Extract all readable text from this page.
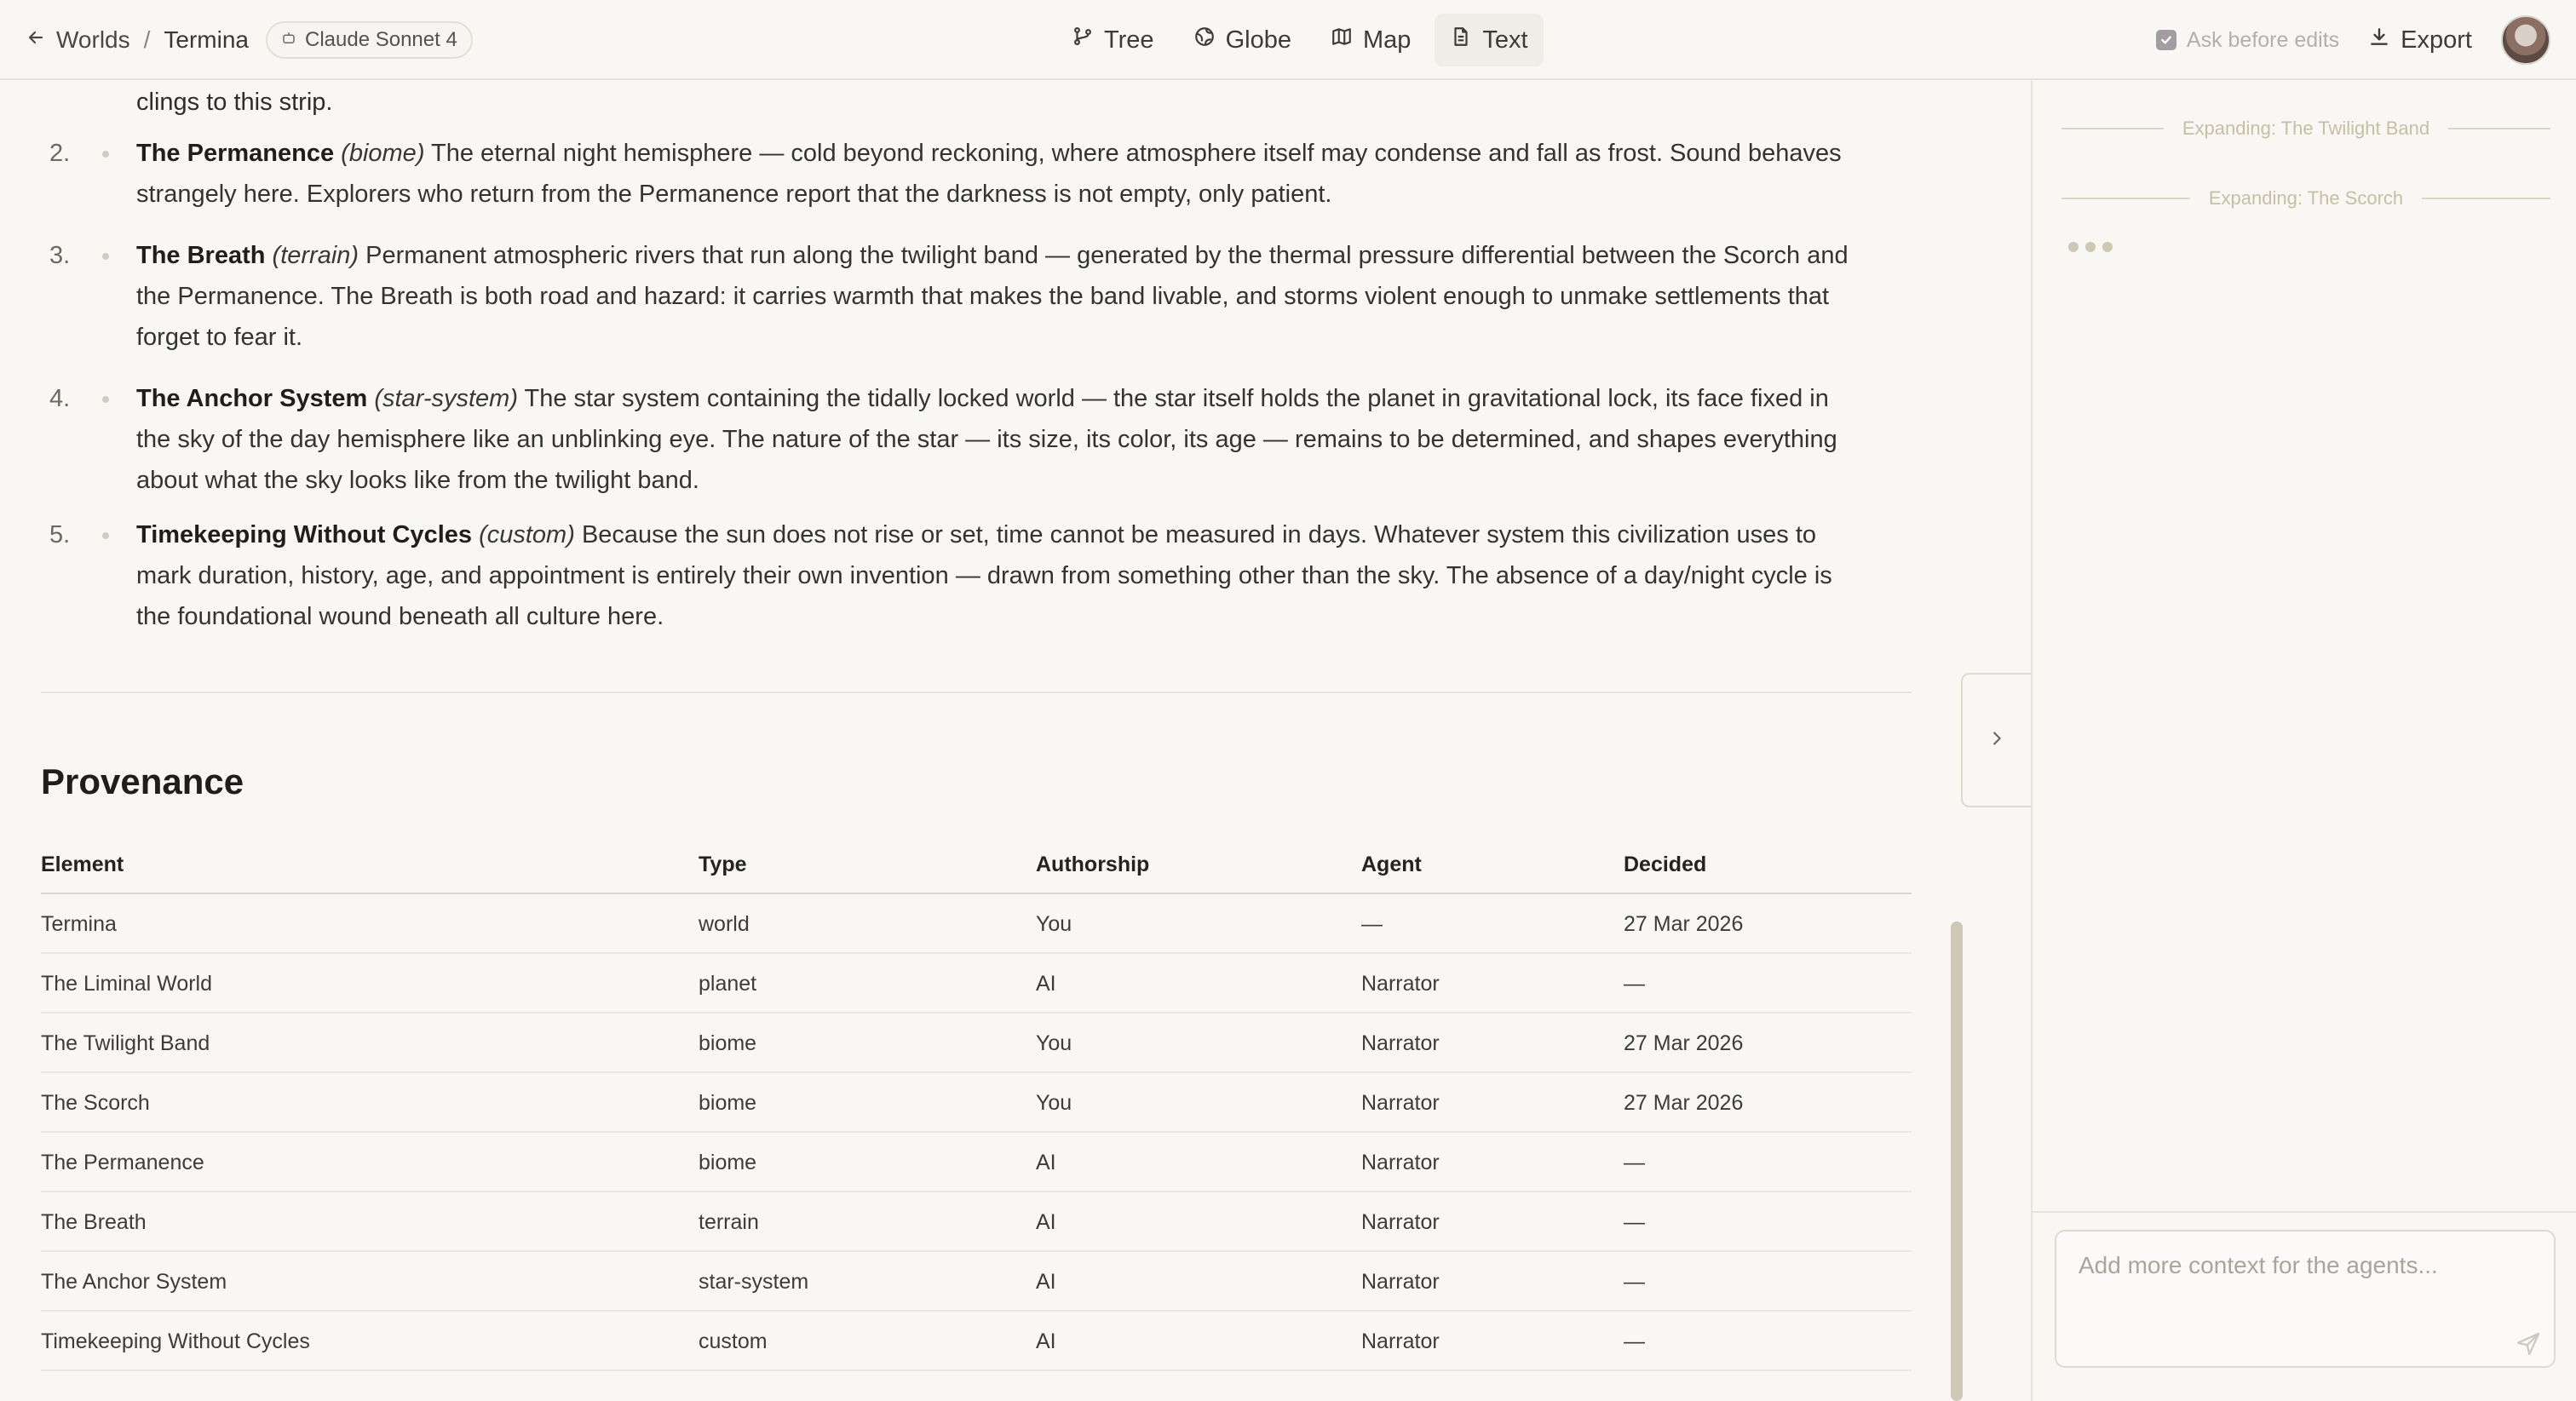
Worlds / Termina	Claude Sonnet 4	Tree	Globe	Map	Text	Ask before edits Export
clings to this strip.
2.	The Permanence (biome) The eternal night hemisphere — cold beyond reckoning, where atmosphere itself may condense and fall as frost. Sound behaves
strangely here. Explorers who return from the Permanence report that the darkness is not empty, only patient.
3.	The Breath (terrain) Permanent atmospheric rivers that run along the twilight band — generated by the thermal pressure differential between the Scorch and
the Permanence. The Breath is both road and hazard: it carries warmth that makes the band livable, and storms violent enough to unmake settlements that
forget to fear it.
4.	The Anchor System (star-system) The star system containing the tidally locked world — the star itself holds the planet in gravitational lock, its face fixed in
the sky of the day hemisphere like an unblinking eye. The nature of the star — its size, its color, its age — remains to be determined, and shapes everything
about what the sky looks like from the twilight band.
5.	Timekeeping Without Cycles (custom) Because the sun does not rise or set, time cannot be measured in days. Whatever system this civilization uses to
mark duration, history, age, and appointment is entirely their own invention — drawn from something other than the sky. The absence of a day/night cycle is
the foundational wound beneath all culture here.
Provenance
Element	Type	Authorship	Agent	Decided
Termina	world	You	—	27 Mar 2026
The Liminal World	planet	AI	Narrator	—
The Twilight Band	biome	You	Narrator	27 Mar 2026
The Scorch	biome	You	Narrator	27 Mar 2026
The Permanence	biome	AI	Narrator	—
The Breath	terrain	AI	Narrator	—
The Anchor System	star-system	AI	Narrator	—
Timekeeping Without Cycles	custom	AI	Narrator	—
Expanding: The Twilight Band
Expanding: The Scorch
Add more context for the agents...
